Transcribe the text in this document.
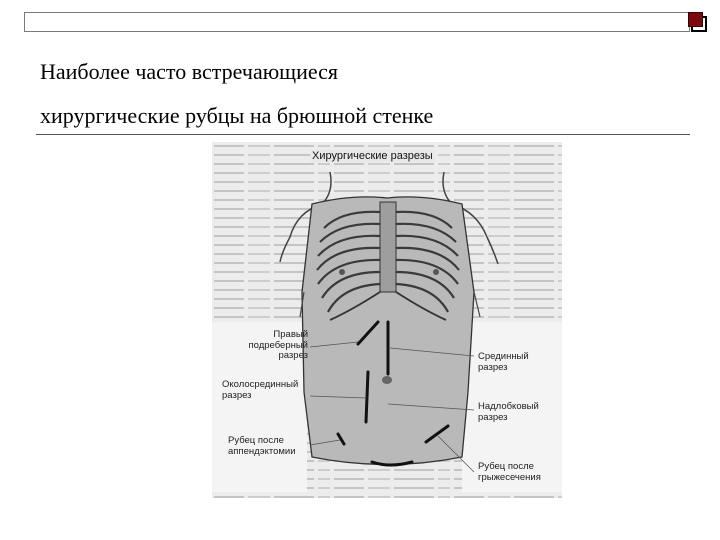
Наиболее часто встречающиеся
хирургические рубцы на брюшной стенке
Хирургические разрезы
Правый
подреберный
разрез
Околосрединный
разрез
Рубец после
аппендэктомии
Срединный
разрез
Надлобковый
разрез
Рубец после
грыжесечения
